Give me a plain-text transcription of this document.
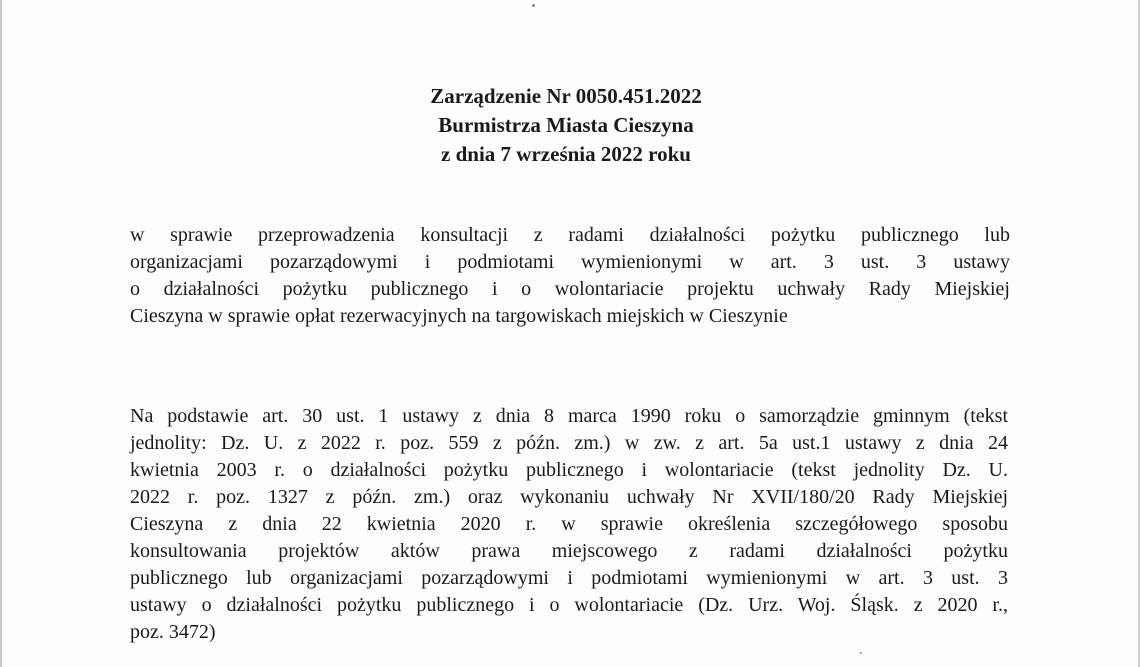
Zarządzenie Nr 0050.451.2022
Burmistrza Miasta Cieszyna
z dnia 7 września 2022 roku
w sprawie przeprowadzenia konsultacji z radami działalności pożytku publicznego lub
organizacjami pozarządowymi i podmiotami wymienionymi w art. 3 ust. 3 ustawy
o działalności pożytku publicznego i o wolontariacie projektu uchwały Rady Miejskiej
Cieszyna w sprawie opłat rezerwacyjnych na targowiskach miejskich w Cieszynie
Na podstawie art. 30 ust. 1 ustawy z dnia 8 marca 1990 roku o samorządzie gminnym (tekst
jednolity: Dz. U. z 2022 r. poz. 559 z późn. zm.) w zw. z art. 5a ust.1 ustawy z dnia 24
kwietnia 2003 r. o działalności pożytku publicznego i wolontariacie (tekst jednolity Dz. U.
2022 r. poz. 1327 z późn. zm.) oraz wykonaniu uchwały Nr XVII/180/20 Rady Miejskiej
Cieszyna z dnia 22 kwietnia 2020 r. w sprawie określenia szczegółowego sposobu
konsultowania projektów aktów prawa miejscowego z radami działalności pożytku
publicznego lub organizacjami pozarządowymi i podmiotami wymienionymi w art. 3 ust. 3
ustawy o działalności pożytku publicznego i o wolontariacie (Dz. Urz. Woj. Śląsk. z 2020 r.,
poz. 3472)
